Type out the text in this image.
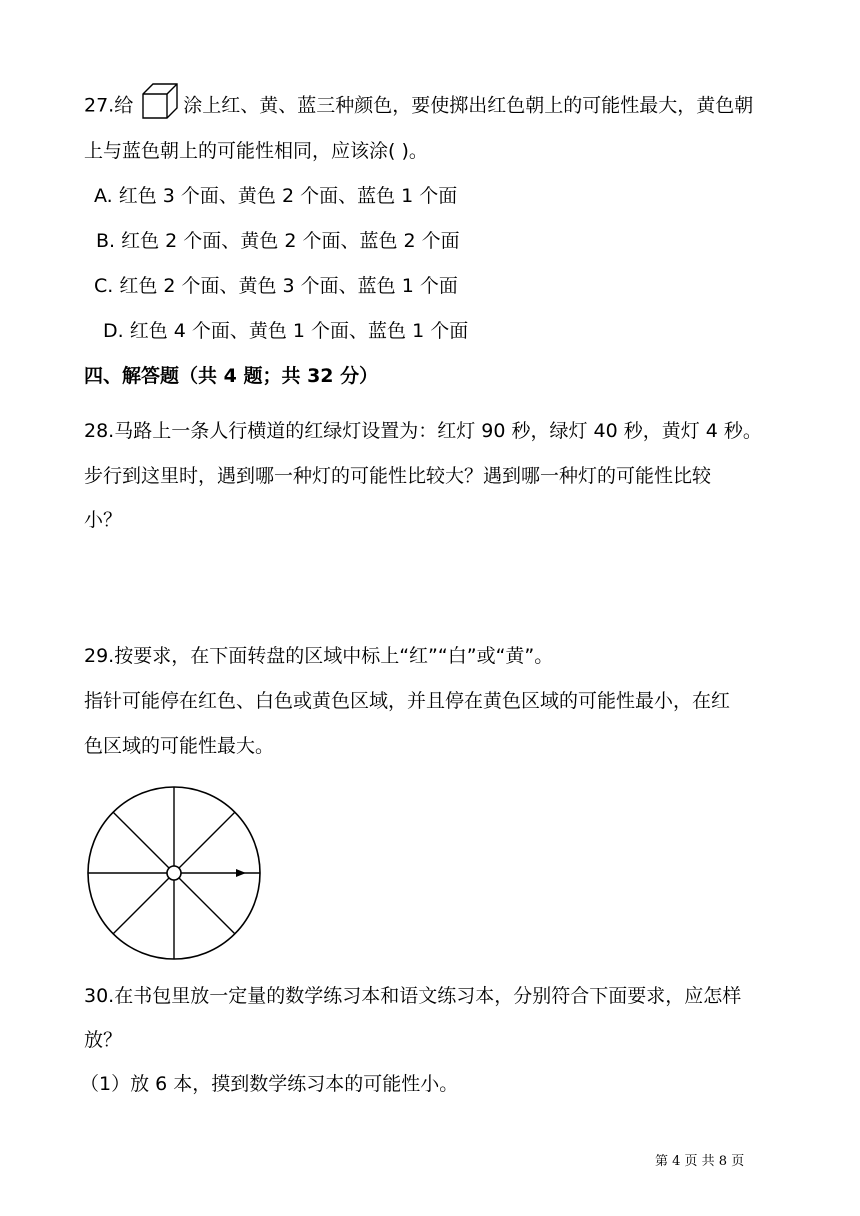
27.给	涂上红、黄、蓝三种颜色，要使掷出红色朝上的可能性最大，黄色朝
上与蓝色朝上的可能性相同，应该涂( )。
A. 红色 3 个面、黄色 2 个面、蓝色 1 个面
B. 红色 2 个面、黄色 2 个面、蓝色 2 个面
C. 红色 2 个面、黄色 3 个面、蓝色 1 个面
D. 红色 4 个面、黄色 1 个面、蓝色 1 个面
四、解答题（共 4 题；共 32 分）
28.马路上一条人行横道的红绿灯设置为：红灯 90 秒，绿灯 40 秒，黄灯 4 秒。
步行到这里时，遇到哪一种灯的可能性比较大？遇到哪一种灯的可能性比较
小？
29.按要求，在下面转盘的区域中标上“红”“白”或“黄”。
指针可能停在红色、白色或黄色区域，并且停在黄色区域的可能性最小，在红
色区域的可能性最大。
30.在书包里放一定量的数学练习本和语文练习本，分别符合下面要求，应怎样
放？
（1）放 6 本，摸到数学练习本的可能性小。
第 4 页 共 8 页
